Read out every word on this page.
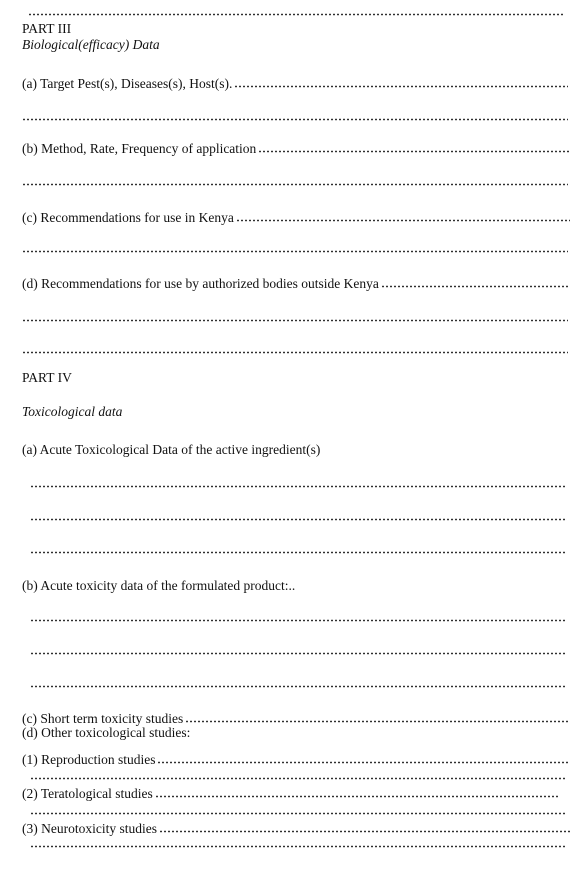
PART III
Biological(efficacy) Data
(a) Target Pest(s), Diseases(s), Host(s).
(b) Method, Rate, Frequency of application
(c) Recommendations for use in Kenya
(d) Recommendations for use by authorized bodies outside Kenya
PART IV
Toxicological data
(a) Acute Toxicological Data of the active ingredient(s)
(b) Acute toxicity data of the formulated product:..
(c) Short term toxicity studies
(d) Other toxicological studies:
(1) Reproduction studies
(2) Teratological studies
(3) Neurotoxicity studies
